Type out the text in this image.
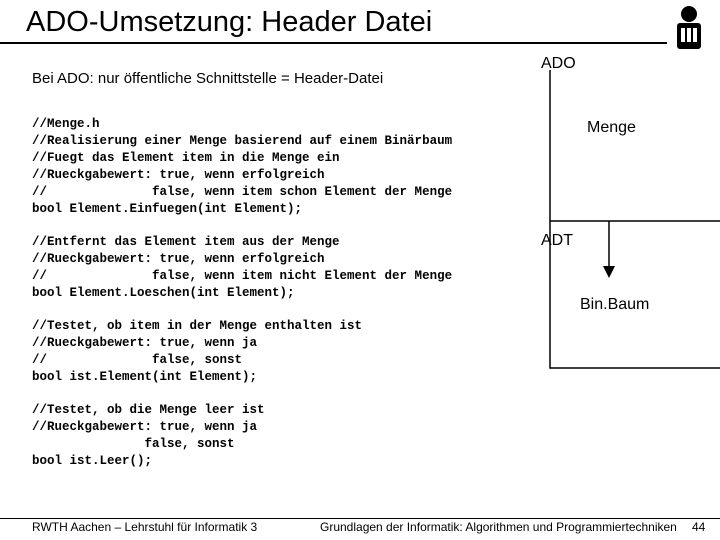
ADO-Umsetzung: Header Datei
Bei ADO: nur öffentliche Schnittstelle = Header-Datei
//Menge.h
//Realisierung einer Menge basierend auf einem Binärbaum
//Fuegt das Element item in die Menge ein
//Rueckgabewert: true, wenn erfolgreich
//              false, wenn item schon Element der Menge
bool Element.Einfuegen(int Element);
//Entfernt das Element item aus der Menge
//Rueckgabewert: true, wenn erfolgreich
//              false, wenn item nicht Element der Menge
bool Element.Loeschen(int Element);
//Testet, ob item in der Menge enthalten ist
//Rueckgabewert: true, wenn ja
//              false, sonst
bool ist.Element(int Element);
//Testet, ob die Menge leer ist
//Rueckgabewert: true, wenn ja
false, sonst
bool ist.Leer();
ADO
Menge
ADT
Bin.Baum
RWTH Aachen – Lehrstuhl für Informatik 3	Grundlagen der Informatik: Algorithmen und Programmiertechniken 44
